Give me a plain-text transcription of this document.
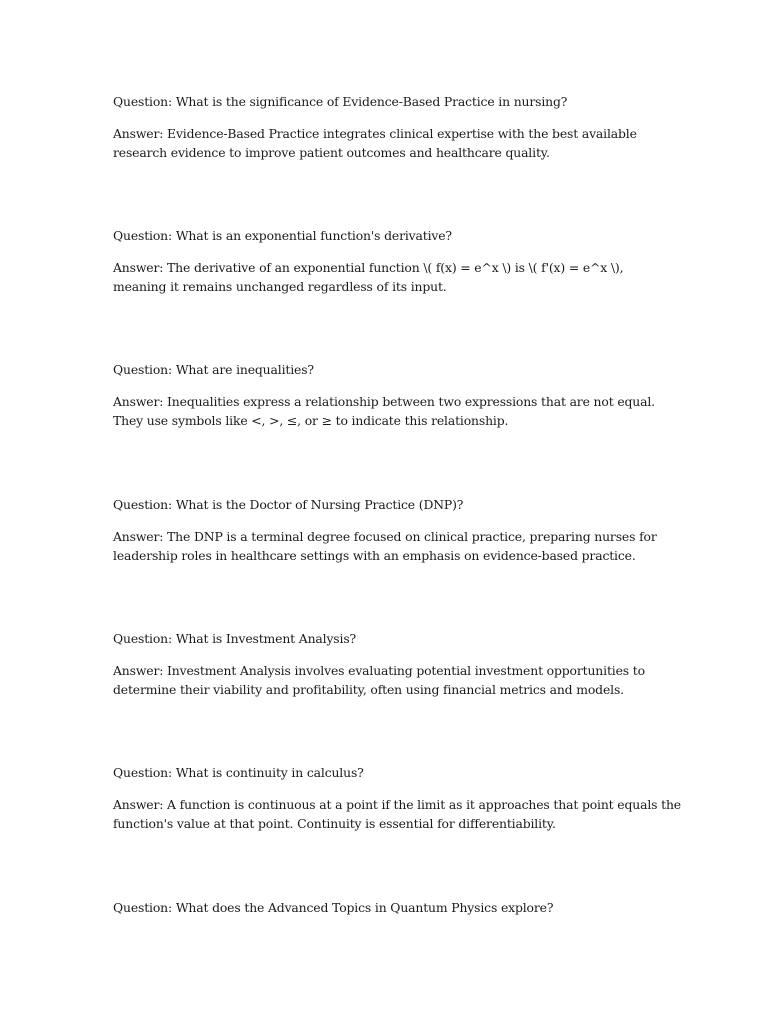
Question: What is the significance of Evidence-Based Practice in nursing?

Answer: Evidence-Based Practice integrates clinical expertise with the best available
research evidence to improve patient outcomes and healthcare quality.

Question: What is an exponential function's derivative?

Answer: The derivative of an exponential function \( f(x) = e^x \) is \( f'(x) = e^x \),
meaning it remains unchanged regardless of its input.

Question: What are inequalities?

Answer: Inequalities express a relationship between two expressions that are not equal.
They use symbols like <, >, ≤, or ≥ to indicate this relationship.

Question: What is the Doctor of Nursing Practice (DNP)?

Answer: The DNP is a terminal degree focused on clinical practice, preparing nurses for
leadership roles in healthcare settings with an emphasis on evidence-based practice.

Question: What is Investment Analysis?

Answer: Investment Analysis involves evaluating potential investment opportunities to
determine their viability and profitability, often using financial metrics and models.

Question: What is continuity in calculus?

Answer: A function is continuous at a point if the limit as it approaches that point equals the
function's value at that point. Continuity is essential for differentiability.

Question: What does the Advanced Topics in Quantum Physics explore?
